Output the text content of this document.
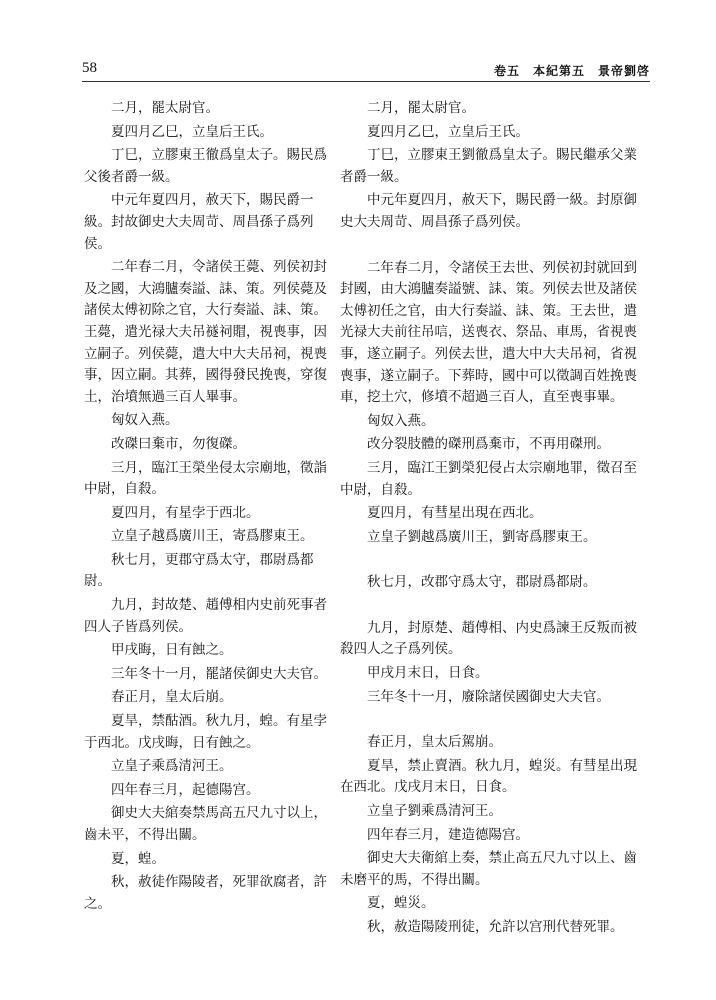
58	卷五　本紀第五　景帝劉啓

二月，罷太尉官。

夏四月乙巳，立皇后王氏。

丁巳，立膠東王徹爲皇太子。賜民爲父後者爵一級。

中元年夏四月，赦天下，賜民爵一級。封故御史大夫周苛、周昌孫子爲列侯。

二年春二月，令諸侯王薨、列侯初封及之國，大鴻臚奏謚、誄、策。列侯薨及諸侯太傅初除之官，大行奏謚、誄、策。王薨，遣光禄大夫吊襚祠賵，視喪事，因立嗣子。列侯薨，遣大中大夫吊祠，視喪事，因立嗣。其葬，國得發民挽喪，穿復土，治墳無過三百人畢事。

匈奴入燕。

改磔曰棄市，勿復磔。

三月，臨江王榮坐侵太宗廟地，徵詣中尉，自殺。

夏四月，有星孛于西北。

立皇子越爲廣川王，寄爲膠東王。

秋七月，更郡守爲太守，郡尉爲都尉。

九月，封故楚、趙傅相内史前死事者四人子皆爲列侯。

甲戌晦，日有蝕之。

三年冬十一月，罷諸侯御史大夫官。

春正月，皇太后崩。

夏旱，禁酤酒。秋九月，蝗。有星孛于西北。戊戌晦，日有蝕之。

立皇子乘爲清河王。

四年春三月，起德陽宫。

御史大夫綰奏禁馬高五尺九寸以上，齒未平，不得出關。

夏，蝗。

秋，赦徒作陽陵者，死罪欲腐者，許之。

二月，罷太尉官。

夏四月乙巳，立皇后王氏。

丁巳，立膠東王劉徹爲皇太子。賜民繼承父業者爵一級。

中元年夏四月，赦天下，賜民爵一級。封原御史大夫周苛、周昌孫子爲列侯。

二年春二月，令諸侯王去世、列侯初封就回到封國，由大鴻臚奏謚號、誄、策。列侯去世及諸侯太傅初任之官，由大行奏謚、誄、策。王去世，遣光禄大夫前往吊唁，送喪衣、祭品、車馬，省視喪事，遂立嗣子。列侯去世，遣大中大夫吊祠，省視喪事，遂立嗣子。下葬時，國中可以徵調百姓挽喪車，挖土穴，修墳不超過三百人，直至喪事畢。

匈奴入燕。

改分裂肢體的磔刑爲棄市，不再用磔刑。

三月，臨江王劉榮犯侵占太宗廟地罪，徵召至中尉，自殺。

夏四月，有彗星出現在西北。

立皇子劉越爲廣川王，劉寄爲膠東王。

秋七月，改郡守爲太守，郡尉爲都尉。

九月，封原楚、趙傅相、内史爲諫王反叛而被殺四人之子爲列侯。

甲戌月末日，日食。

三年冬十一月，廢除諸侯國御史大夫官。

春正月，皇太后駕崩。

夏旱，禁止賣酒。秋九月，蝗災。有彗星出現在西北。戊戌月末日，日食。

立皇子劉乘爲清河王。

四年春三月，建造德陽宫。

御史大夫衛綰上奏，禁止高五尺九寸以上、齒未磨平的馬，不得出關。

夏，蝗災。

秋，赦造陽陵刑徒，允許以宫刑代替死罪。
